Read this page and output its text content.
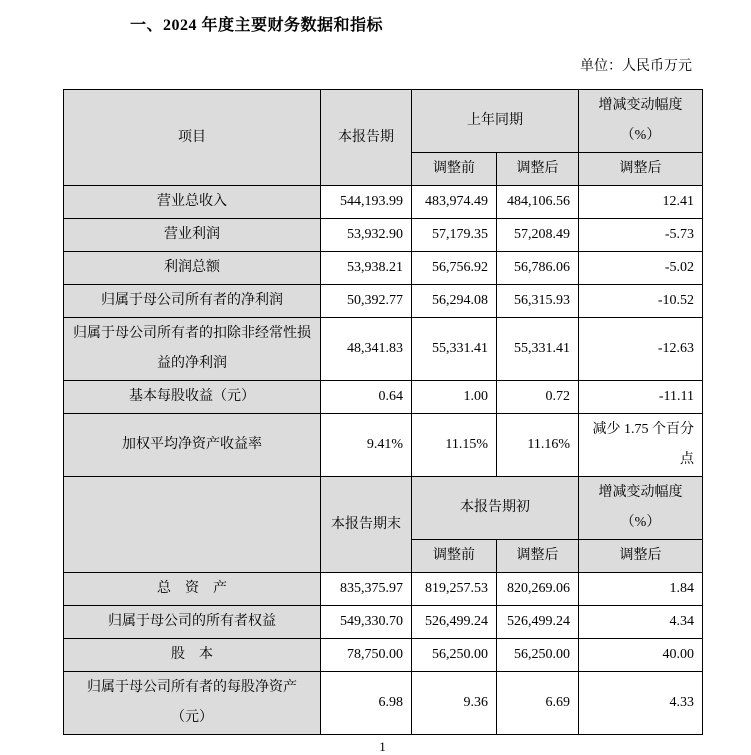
一、2024 年度主要财务数据和指标
单位：人民币万元
项目	本报告期	上年同期		增减变动幅度（%）
		调整前	调整后	调整后
营业总收入	544,193.99	483,974.49	484,106.56	12.41
营业利润	53,932.90	57,179.35	57,208.49	-5.73
利润总额	53,938.21	56,756.92	56,786.06	-5.02
归属于母公司所有者的净利润	50,392.77	56,294.08	56,315.93	-10.52
归属于母公司所有者的扣除非经常性损益的净利润	48,341.83	55,331.41	55,331.41	-12.63
基本每股收益（元）	0.64	1.00	0.72	-11.11
加权平均净资产收益率	9.41%	11.15%	11.16%	减少 1.75 个百分点
	本报告期末	本报告期初		增减变动幅度（%）
		调整前	调整后	调整后
总　资　产	835,375.97	819,257.53	820,269.06	1.84
归属于母公司的所有者权益	549,330.70	526,499.24	526,499.24	4.34
股　本	78,750.00	56,250.00	56,250.00	40.00
归属于母公司所有者的每股净资产（元）	6.98	9.36	6.69	4.33
1
